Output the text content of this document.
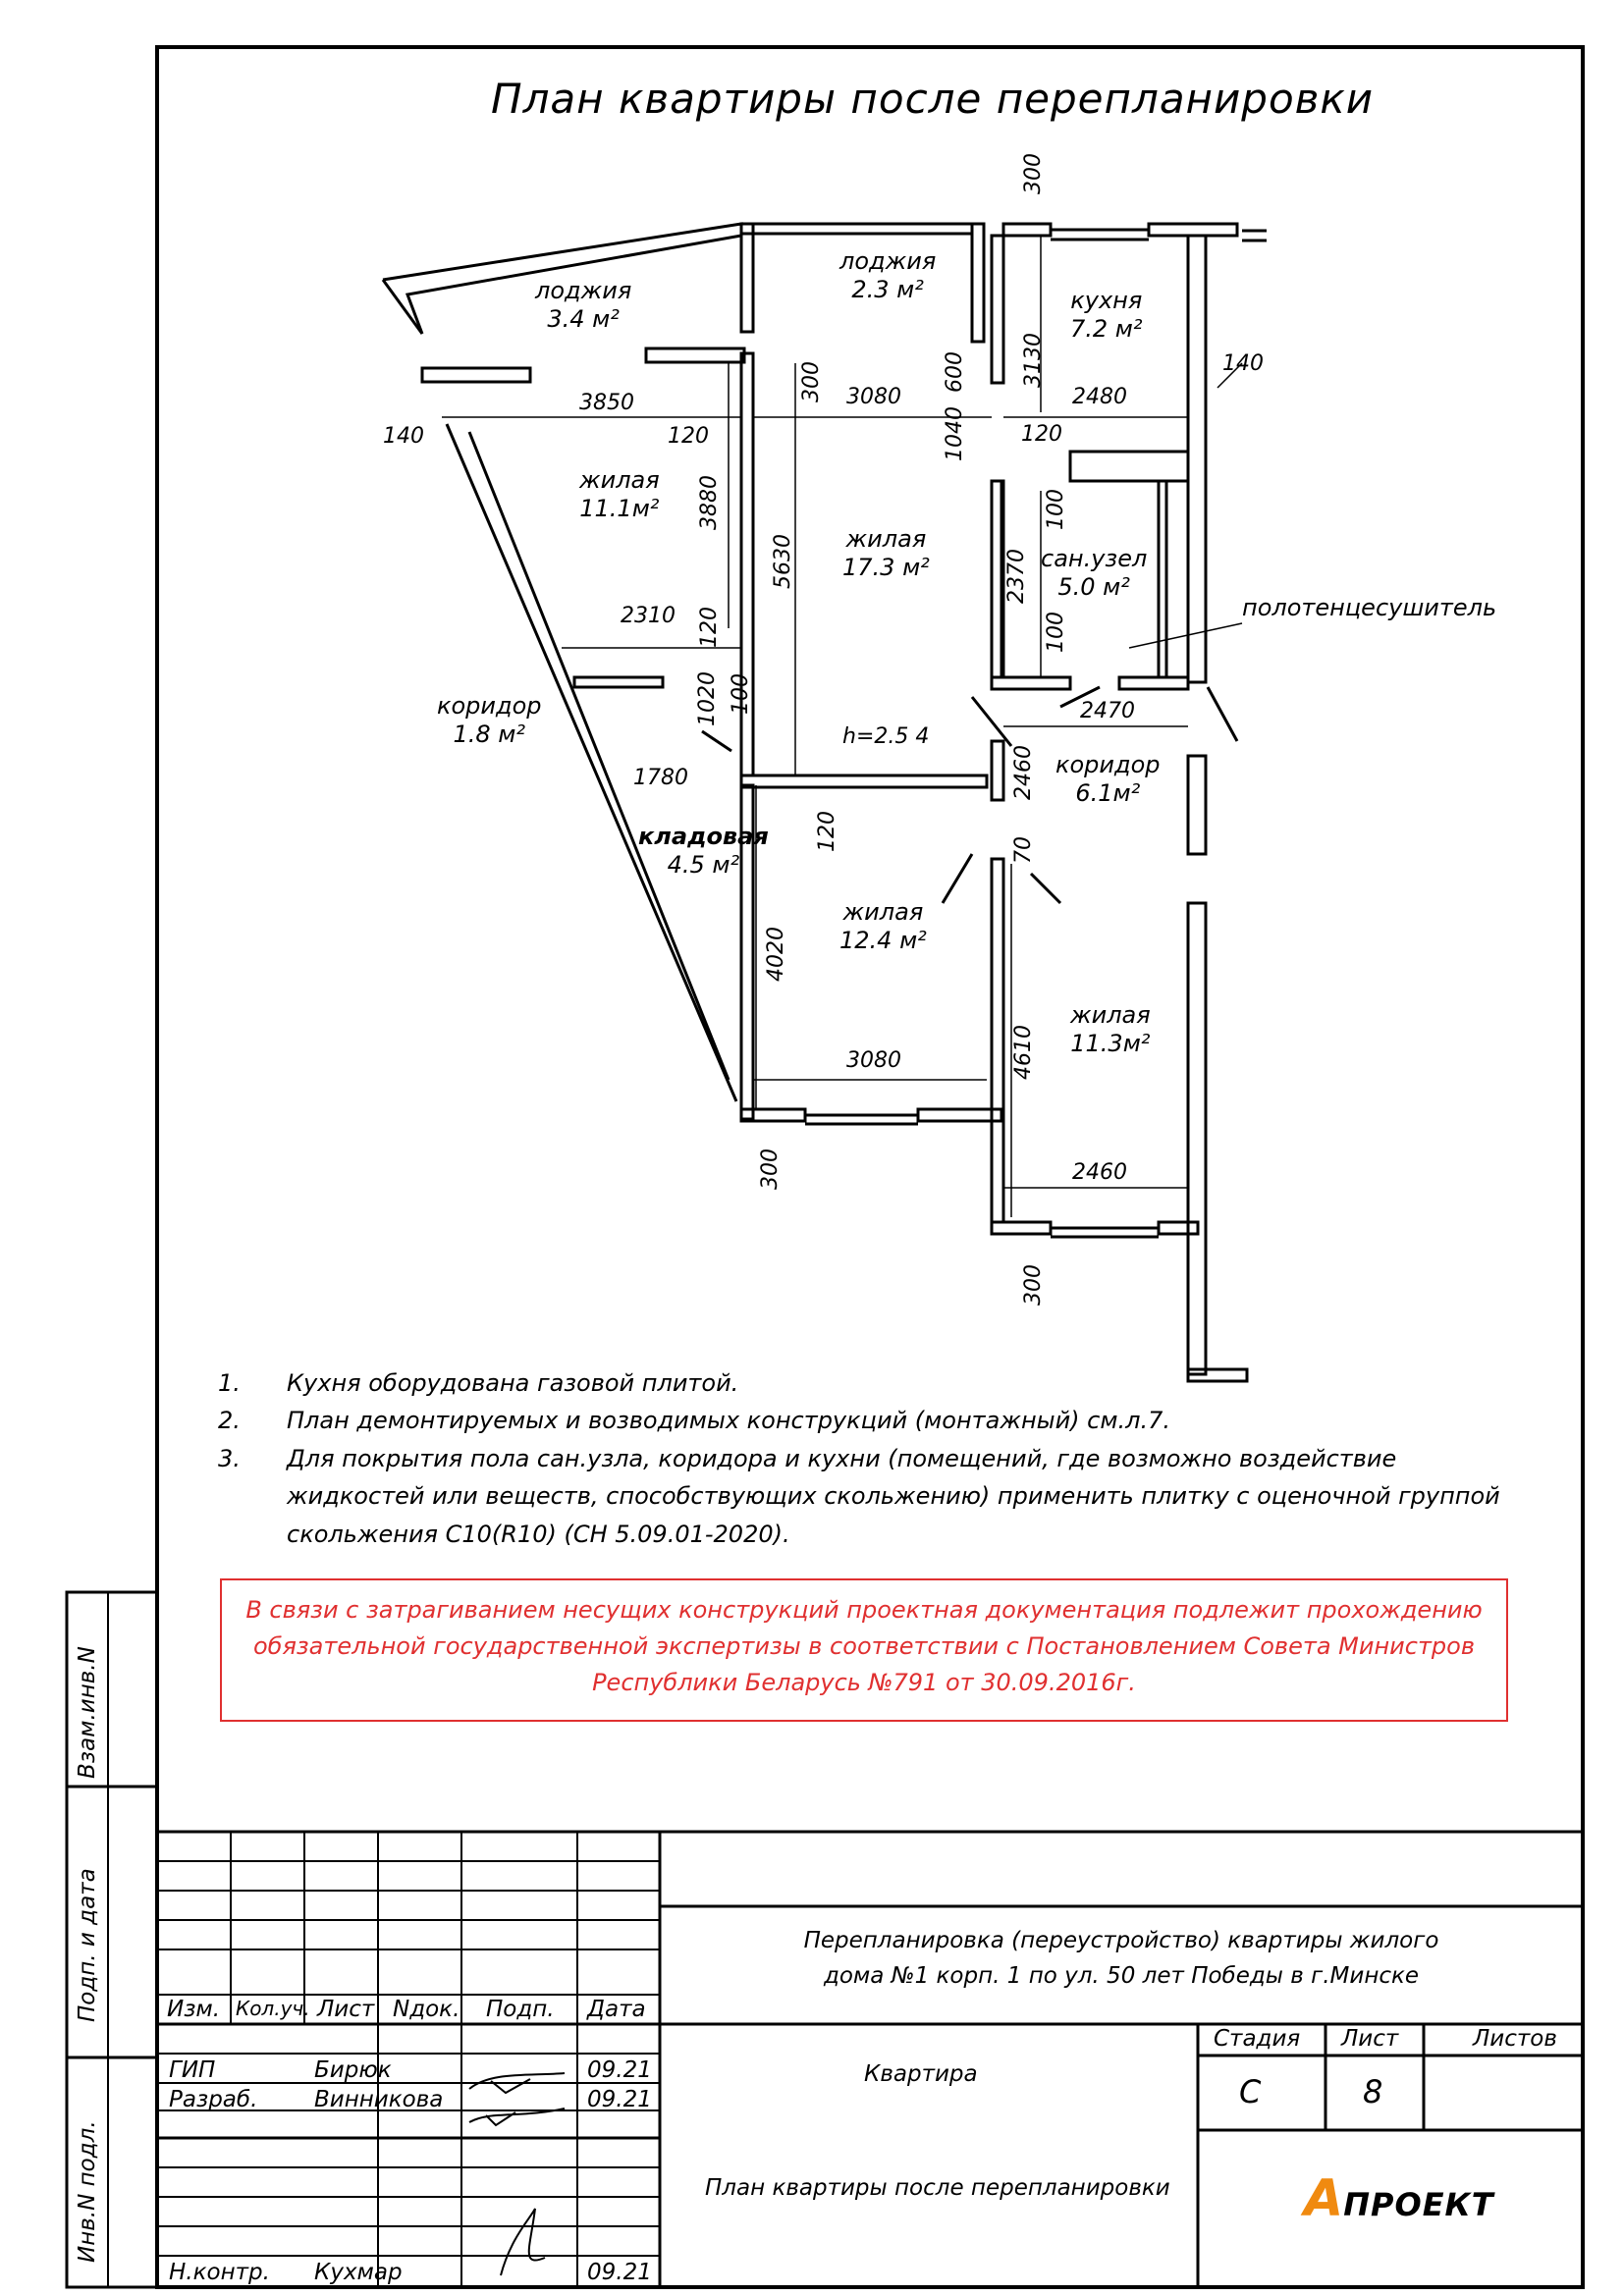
План квартиры после перепланировки
лоджия
3.4 м²
лоджия
2.3 м²	кухня
7.2 м²
жилая
11.1м²
жилая
17.3 м²	сан.узел
5.0 м²
коридор
1.8 м²
кладовая
4.5 м²
коридор
6.1м²
жилая
12.4 м²
жилая
11.3м²
h=2.5 4
полотенцесушитель
3850
140	120
3080	2480
140
120
2310
2470
1780
3080
2460
300
3130
600
1040
300
3880
5630
100
2370
100
120
1020 100
2460
120	70
4020
4610
300
300
1.	Кухня оборудована газовой плитой.
2.	План демонтируемых и возводимых конструкций (монтажный) см.л.7.
3.	Для покрытия пола сан.узла, коридора и кухни (помещений, где возможно воздействие жидкостей или веществ, способствующих скольжению) применить плитку с оценочной группой скольжения С10(R10) (СН 5.09.01-2020).
В связи с затрагиванием несущих конструкций проектная документация подлежит прохождению
обязательной государственной экспертизы в соответствии с Постановлением Совета Министров
Республики Беларусь №791 от 30.09.2016г.
Взам.инв.N
Подп. и дата
Инв.N подл.
Изм. Кол.уч. Лист Nдок. Подп. Дата
ГИП	Бирюк	09.21
Разраб.	Винникова	09.21
Н.контр. Кухмар	09.21
Перепланировка (переустройство) квартиры жилого
дома №1 корп. 1 по ул. 50 лет Победы в г.Минске
Квартира
План квартиры после перепланировки
Стадия Лист	Листов
С	8
АПРОЕКТ
